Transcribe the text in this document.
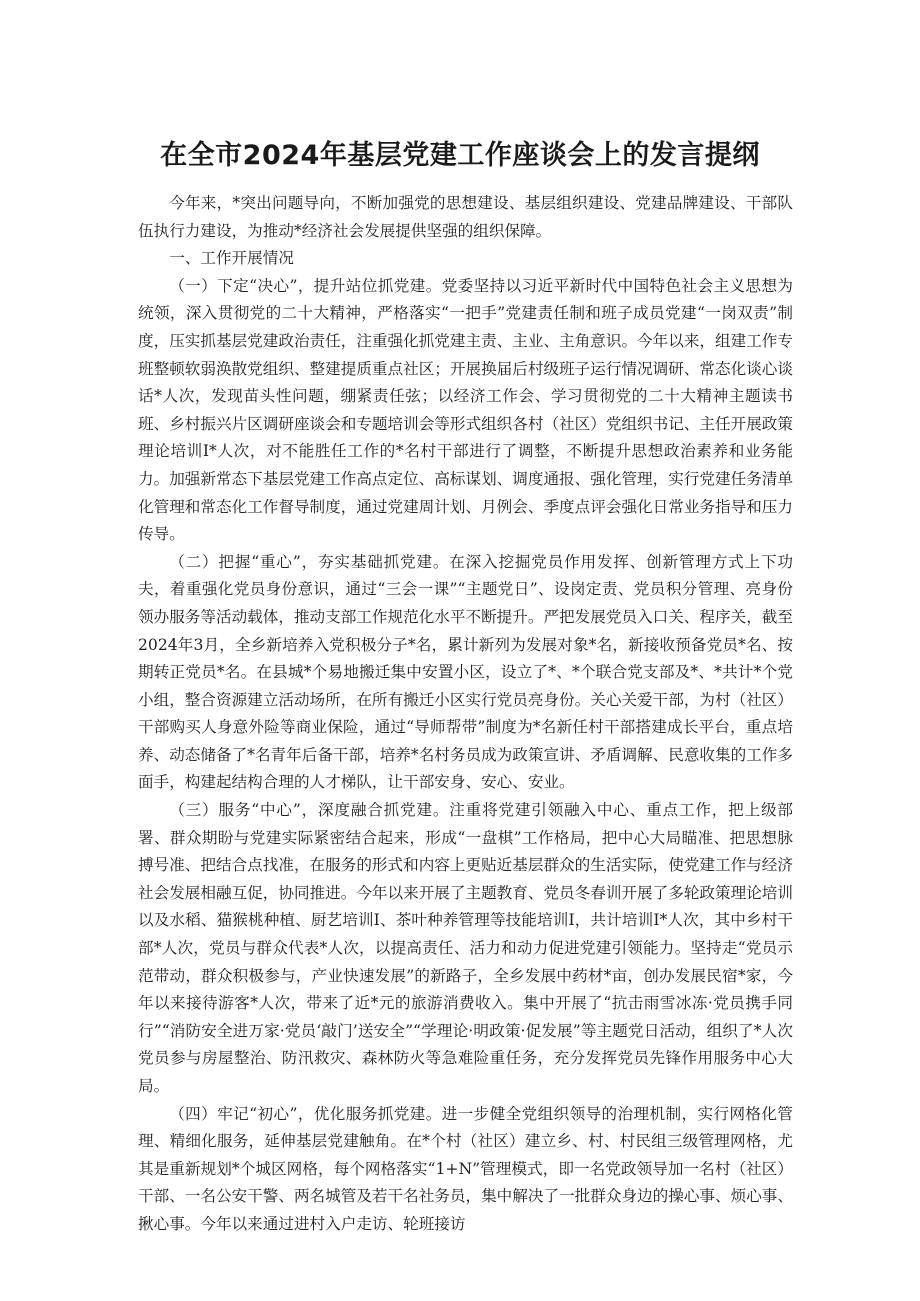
在全市2024年基层党建工作座谈会上的发言提纲

今年来，*突出问题导向，不断加强党的思想建设、基层组织建设、党建品牌建设、干部队伍执行力建设，为推动*经济社会发展提供坚强的组织保障。

一、工作开展情况

（一）下定“决心”，提升站位抓党建。党委坚持以习近平新时代中国特色社会主义思想为统领，深入贯彻党的二十大精神，严格落实“一把手”党建责任制和班子成员党建“一岗双责”制度，压实抓基层党建政治责任，注重强化抓党建主责、主业、主角意识。今年以来，组建工作专班整顿软弱涣散党组织、整建提质重点社区；开展换届后村级班子运行情况调研、常态化谈心谈话*人次，发现苗头性问题，绷紧责任弦；以经济工作会、学习贯彻党的二十大精神主题读书班、乡村振兴片区调研座谈会和专题培训会等形式组织各村（社区）党组织书记、主任开展政策理论培训I*人次，对不能胜任工作的*名村干部进行了调整，不断提升思想政治素养和业务能力。加强新常态下基层党建工作高点定位、高标谋划、调度通报、强化管理，实行党建任务清单化管理和常态化工作督导制度，通过党建周计划、月例会、季度点评会强化日常业务指导和压力传导。

（二）把握“重心”，夯实基础抓党建。在深入挖掘党员作用发挥、创新管理方式上下功夫，着重强化党员身份意识，通过“三会一课”“主题党日”、设岗定责、党员积分管理、亮身份领办服务等活动载体，推动支部工作规范化水平不断提升。严把发展党员入口关、程序关，截至2024年3月，全乡新培养入党积极分子*名，累计新列为发展对象*名，新接收预备党员*名、按期转正党员*名。在县城*个易地搬迁集中安置小区，设立了*、*个联合党支部及*、*共计*个党小组，整合资源建立活动场所，在所有搬迁小区实行党员亮身份。关心关爱干部，为村（社区）干部购买人身意外险等商业保险，通过“导师帮带”制度为*名新任村干部搭建成长平台，重点培养、动态储备了*名青年后备干部，培养*名村务员成为政策宣讲、矛盾调解、民意收集的工作多面手，构建起结构合理的人才梯队，让干部安身、安心、安业。

（三）服务“中心”，深度融合抓党建。注重将党建引领融入中心、重点工作，把上级部署、群众期盼与党建实际紧密结合起来，形成“一盘棋”工作格局，把中心大局瞄准、把思想脉搏号准、把结合点找准，在服务的形式和内容上更贴近基层群众的生活实际，使党建工作与经济社会发展相融互促，协同推进。今年以来开展了主题教育、党员冬春训开展了多轮政策理论培训以及水稻、猫猴桃种植、厨艺培训I、茶叶种养管理等技能培训I，共计培训I*人次，其中乡村干部*人次，党员与群众代表*人次，以提高责任、活力和动力促进党建引领能力。坚持走“党员示范带动，群众积极参与，产业快速发展”的新路子，全乡发展中药材*亩，创办发展民宿*家，今年以来接待游客*人次，带来了近*元的旅游消费收入。集中开展了“抗击雨雪冰冻·党员携手同行”“消防安全进万家·党员‘敲门’送安全”“学理论·明政策·促发展”等主题党日活动，组织了*人次党员参与房屋整治、防汛救灾、森林防火等急难险重任务，充分发挥党员先锋作用服务中心大局。

（四）牢记“初心”，优化服务抓党建。进一步健全党组织领导的治理机制，实行网格化管理、精细化服务，延伸基层党建触角。在*个村（社区）建立乡、村、村民组三级管理网格，尤其是重新规划*个城区网格，每个网格落实“1+N”管理模式，即一名党政领导加一名村（社区）干部、一名公安干警、两名城管及若干名社务员，集中解决了一批群众身边的操心事、烦心事、揪心事。今年以来通过进村入户走访、轮班接访
